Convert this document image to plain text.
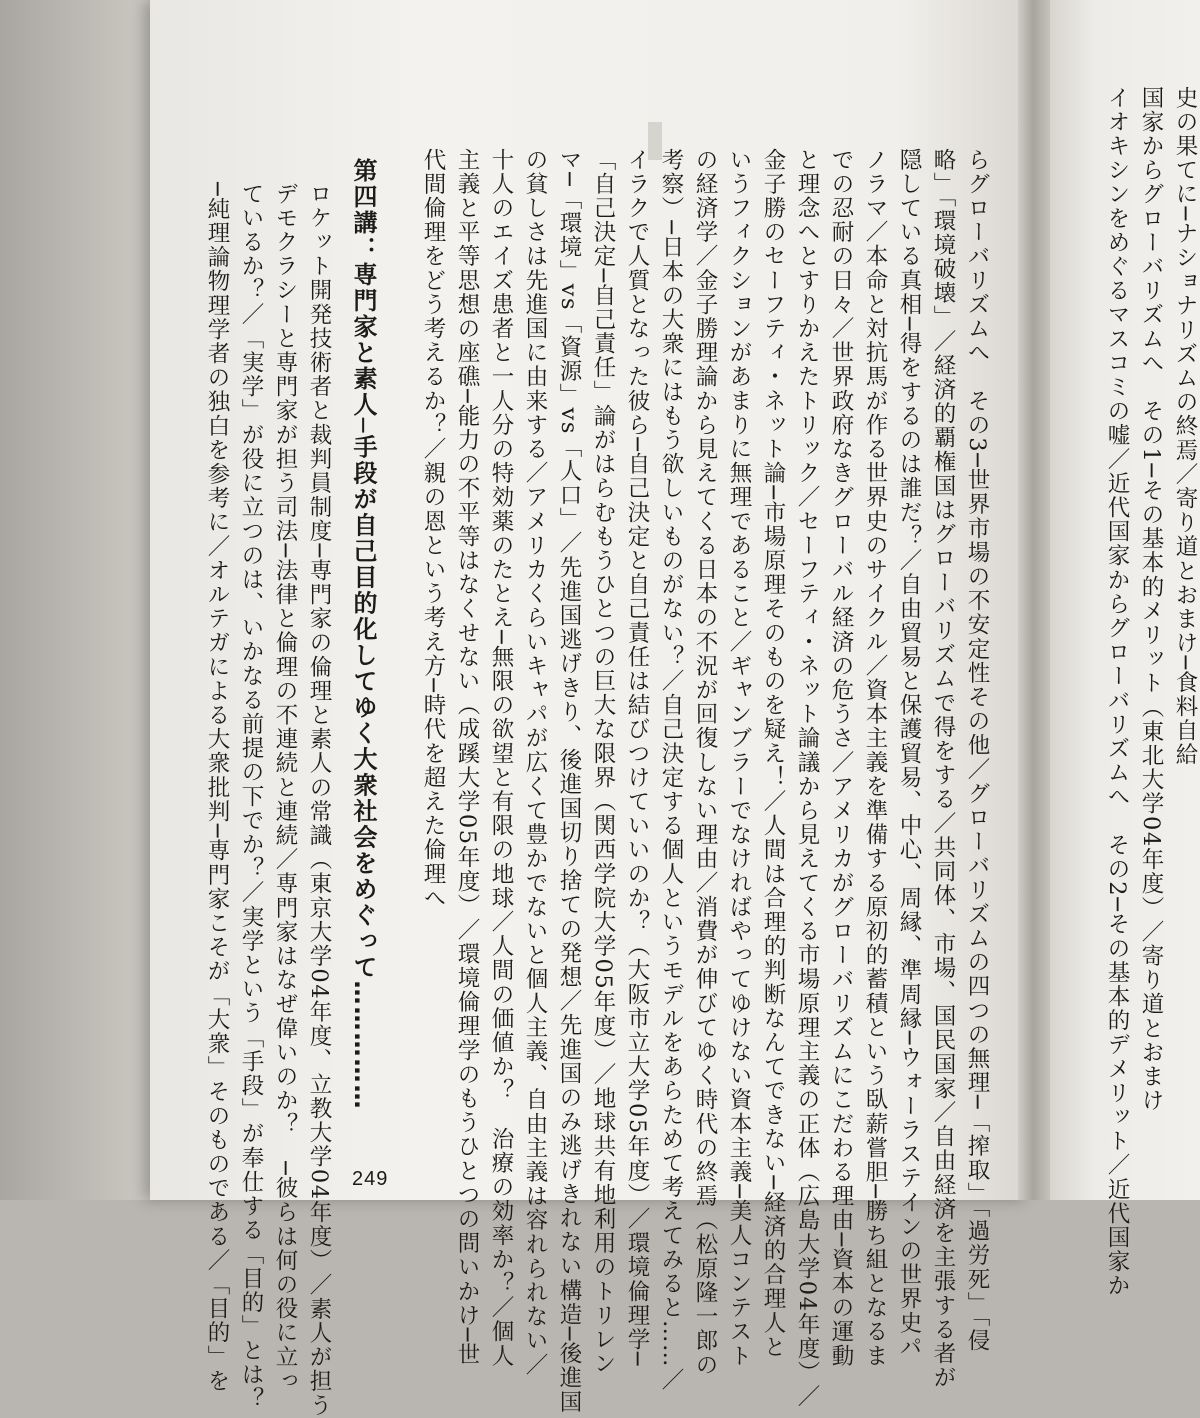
らグローバリズムへ　その3─世界市場の不安定性その他／グローバリズムの四つの無理─「搾取」「過労死」「侵
略」「環境破壊」／経済的覇権国はグローバリズムで得をする／共同体、市場、国民国家／自由経済を主張する者が
隠している真相─得をするのは誰だ？／自由貿易と保護貿易、中心、周縁、準周縁─ウォーラステインの世界史パ
ノラマ／本命と対抗馬が作る世界史のサイクル／資本主義を準備する原初的蓄積という臥薪嘗胆─勝ち組となるま
での忍耐の日々／世界政府なきグローバル経済の危うさ／アメリカがグローバリズムにこだわる理由─資本の運動
と理念へとすりかえたトリック／セーフティ・ネット論議から見えてくる市場原理主義の正体（広島大学04年度）／
金子勝のセーフティ・ネット論─市場原理そのものを疑え！／人間は合理的判断なんてできない─経済的合理人と
いうフィクションがあまりに無理であること／ギャンブラーでなければやってゆけない資本主義─美人コンテスト
の経済学／金子勝理論から見えてくる日本の不況が回復しない理由／消費が伸びてゆく時代の終焉（松原隆一郎の
考察）─日本の大衆にはもう欲しいものがない？／自己決定する個人というモデルをあらためて考えてみると……／
イラクで人質となった彼ら─自己決定と自己責任は結びつけていいのか？（大阪市立大学05年度）／環境倫理学─
「自己決定─自己責任」論がはらむもうひとつの巨大な限界（関西学院大学05年度）／地球共有地利用のトリレン
マ─「環境」vs「資源」vs「人口」／先進国逃げきり、後進国切り捨ての発想／先進国のみ逃げきれない構造─後進国
の貧しさは先進国に由来する／アメリカくらいキャパが広くて豊かでないと個人主義、自由主義は容れられない／
十人のエイズ患者と一人分の特効薬のたとえ─無限の欲望と有限の地球／人間の価値か？　治療の効率か？／個人
主義と平等思想の座礁─能力の不平等はなくせない（成蹊大学05年度）／環境倫理学のもうひとつの問いかけ─世
代間倫理をどう考えるか？／親の恩という考え方─時代を超えた倫理へ
第四講：専門家と素人─手段が自己目的化してゆく大衆社会をめぐって……………
ロケット開発技術者と裁判員制度─専門家の倫理と素人の常識（東京大学04年度、立教大学04年度）／素人が担う
デモクラシーと専門家が担う司法─法律と倫理の不連続と連続／専門家はなぜ偉いのか？　─彼らは何の役に立っ
ているか？／「実学」が役に立つのは、いかなる前提の下でか？／実学という「手段」が奉仕する「目的」とは？
─純理論物理学者の独白を参考に／オルテガによる大衆批判─専門家こそが「大衆」そのものである／「目的」を	249
史の果てに─ナショナリズムの終焉／寄り道とおまけ─食料自給
国家からグローバリズムへ　その1─その基本的メリット（東北大学04年度）／寄り道とおまけ
イオキシンをめぐるマスコミの嘘／近代国家からグローバリズムへ　その2─その基本的デメリット／近代国家か
